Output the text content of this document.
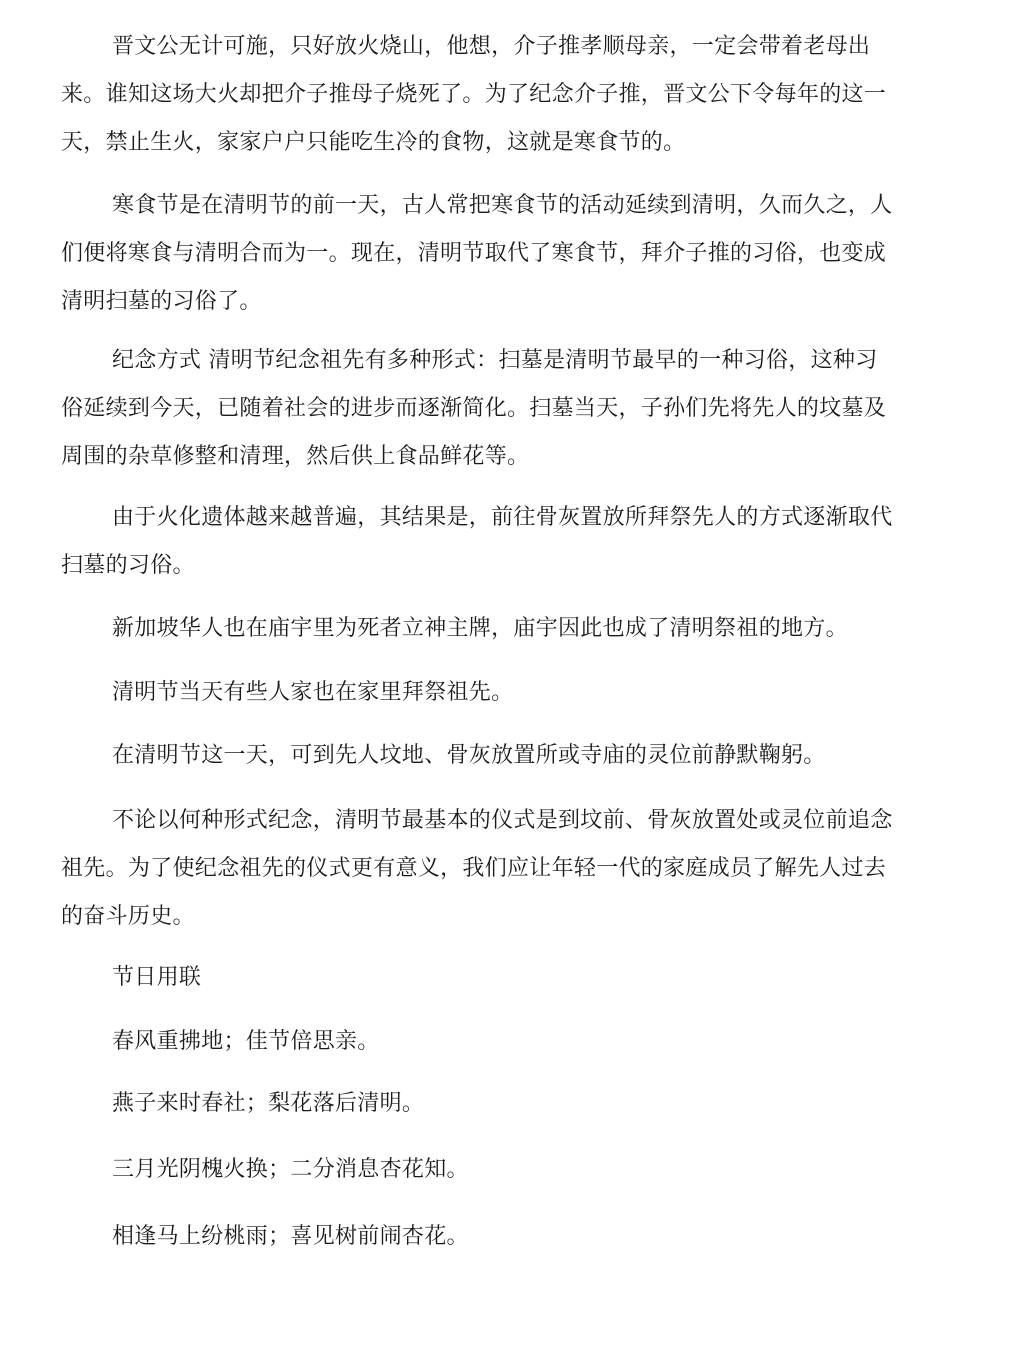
晋文公无计可施，只好放火烧山，他想，介子推孝顺母亲，一定会带着老母出
来。谁知这场大火却把介子推母子烧死了。为了纪念介子推，晋文公下令每年的这一
天，禁止生火，家家户户只能吃生冷的食物，这就是寒食节的。

寒食节是在清明节的前一天，古人常把寒食节的活动延续到清明，久而久之，人
们便将寒食与清明合而为一。现在，清明节取代了寒食节，拜介子推的习俗，也变成
清明扫墓的习俗了。

纪念方式 清明节纪念祖先有多种形式：扫墓是清明节最早的一种习俗，这种习
俗延续到今天，已随着社会的进步而逐渐简化。扫墓当天，子孙们先将先人的坟墓及
周围的杂草修整和清理，然后供上食品鲜花等。

由于火化遗体越来越普遍，其结果是，前往骨灰置放所拜祭先人的方式逐渐取代
扫墓的习俗。

新加坡华人也在庙宇里为死者立神主牌，庙宇因此也成了清明祭祖的地方。

清明节当天有些人家也在家里拜祭祖先。

在清明节这一天，可到先人坟地、骨灰放置所或寺庙的灵位前静默鞠躬。

不论以何种形式纪念，清明节最基本的仪式是到坟前、骨灰放置处或灵位前追念
祖先。为了使纪念祖先的仪式更有意义，我们应让年轻一代的家庭成员了解先人过去
的奋斗历史。

节日用联

春风重拂地；佳节倍思亲。

燕子来时春社；梨花落后清明。

三月光阴槐火换；二分消息杏花知。

相逢马上纷桃雨；喜见树前闹杏花。
